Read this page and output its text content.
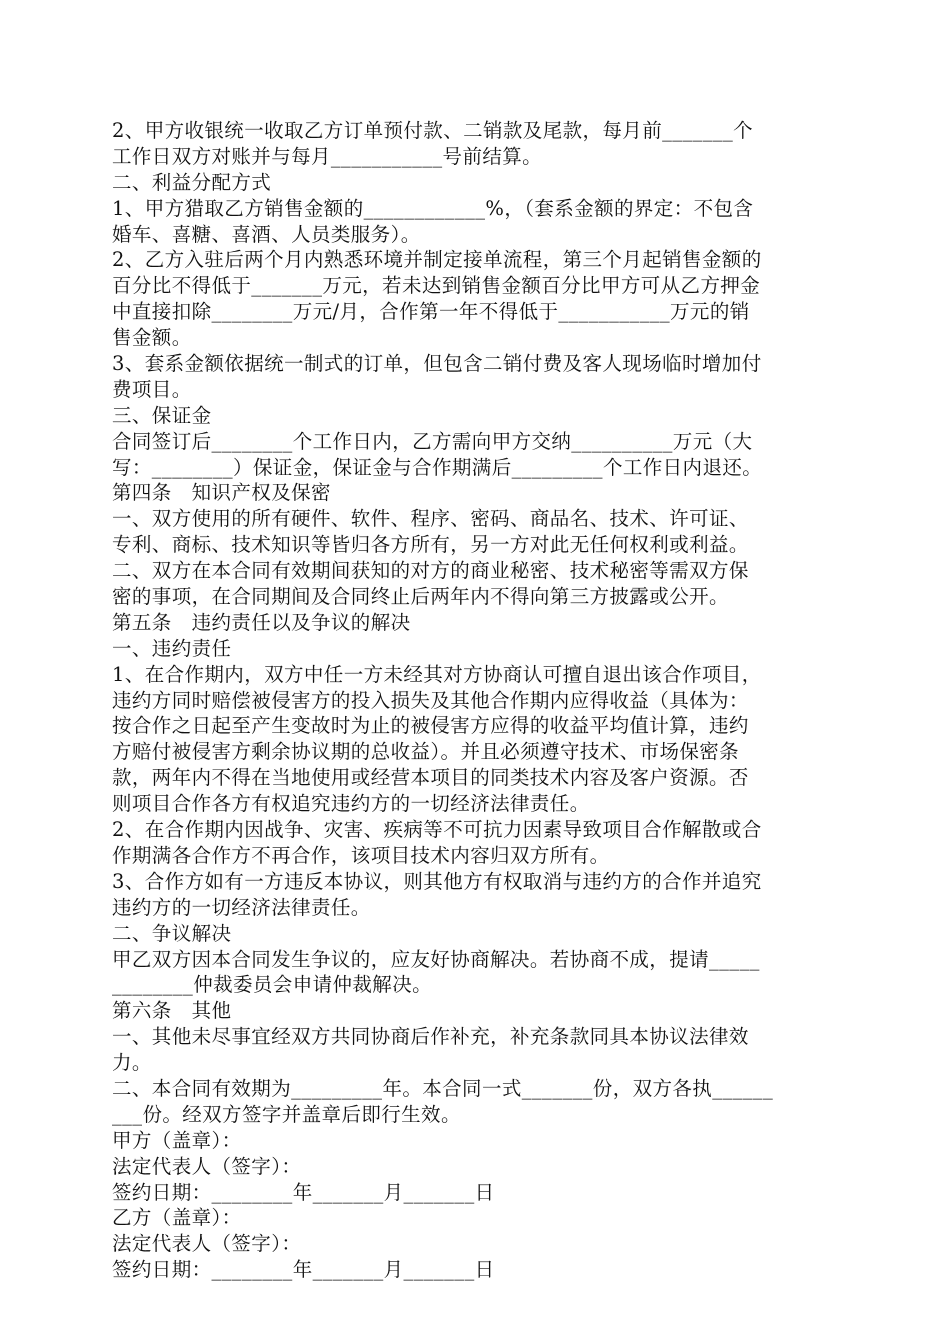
2、甲方收银统一收取乙方订单预付款、二销款及尾款，每月前_______个
工作日双方对账并与每月___________号前结算。
二、利益分配方式
1、甲方猎取乙方销售金额的____________%，（套系金额的界定：不包含
婚车、喜糖、喜酒、人员类服务）。
2、乙方入驻后两个月内熟悉环境并制定接单流程，第三个月起销售金额的
百分比不得低于_______万元，若未达到销售金额百分比甲方可从乙方押金
中直接扣除________万元/月，合作第一年不得低于___________万元的销
售金额。
3、套系金额依据统一制式的订单，但包含二销付费及客人现场临时增加付
费项目。
三、保证金
合同签订后________个工作日内，乙方需向甲方交纳__________万元（大
写：________）保证金，保证金与合作期满后_________个工作日内退还。
第四条　知识产权及保密
一、双方使用的所有硬件、软件、程序、密码、商品名、技术、许可证、
专利、商标、技术知识等皆归各方所有，另一方对此无任何权利或利益。
二、双方在本合同有效期间获知的对方的商业秘密、技术秘密等需双方保
密的事项，在合同期间及合同终止后两年内不得向第三方披露或公开。
第五条　违约责任以及争议的解决
一、违约责任
1、在合作期内，双方中任一方未经其对方协商认可擅自退出该合作项目，
违约方同时赔偿被侵害方的投入损失及其他合作期内应得收益（具体为：
按合作之日起至产生变故时为止的被侵害方应得的收益平均值计算，违约
方赔付被侵害方剩余协议期的总收益）。并且必须遵守技术、市场保密条
款，两年内不得在当地使用或经营本项目的同类技术内容及客户资源。否
则项目合作各方有权追究违约方的一切经济法律责任。
2、在合作期内因战争、灾害、疾病等不可抗力因素导致项目合作解散或合
作期满各合作方不再合作，该项目技术内容归双方所有。
3、合作方如有一方违反本协议，则其他方有权取消与违约方的合作并追究
违约方的一切经济法律责任。
二、争议解决
甲乙双方因本合同发生争议的，应友好协商解决。若协商不成，提请_____
________仲裁委员会申请仲裁解决。
第六条　其他
一、其他未尽事宜经双方共同协商后作补充，补充条款同具本协议法律效
力。
二、本合同有效期为_________年。本合同一式_______份，双方各执______
___份。经双方签字并盖章后即行生效。
甲方（盖章）：
法定代表人（签字）：
签约日期：________年_______月_______日
乙方（盖章）：
法定代表人（签字）：
签约日期：________年_______月_______日
